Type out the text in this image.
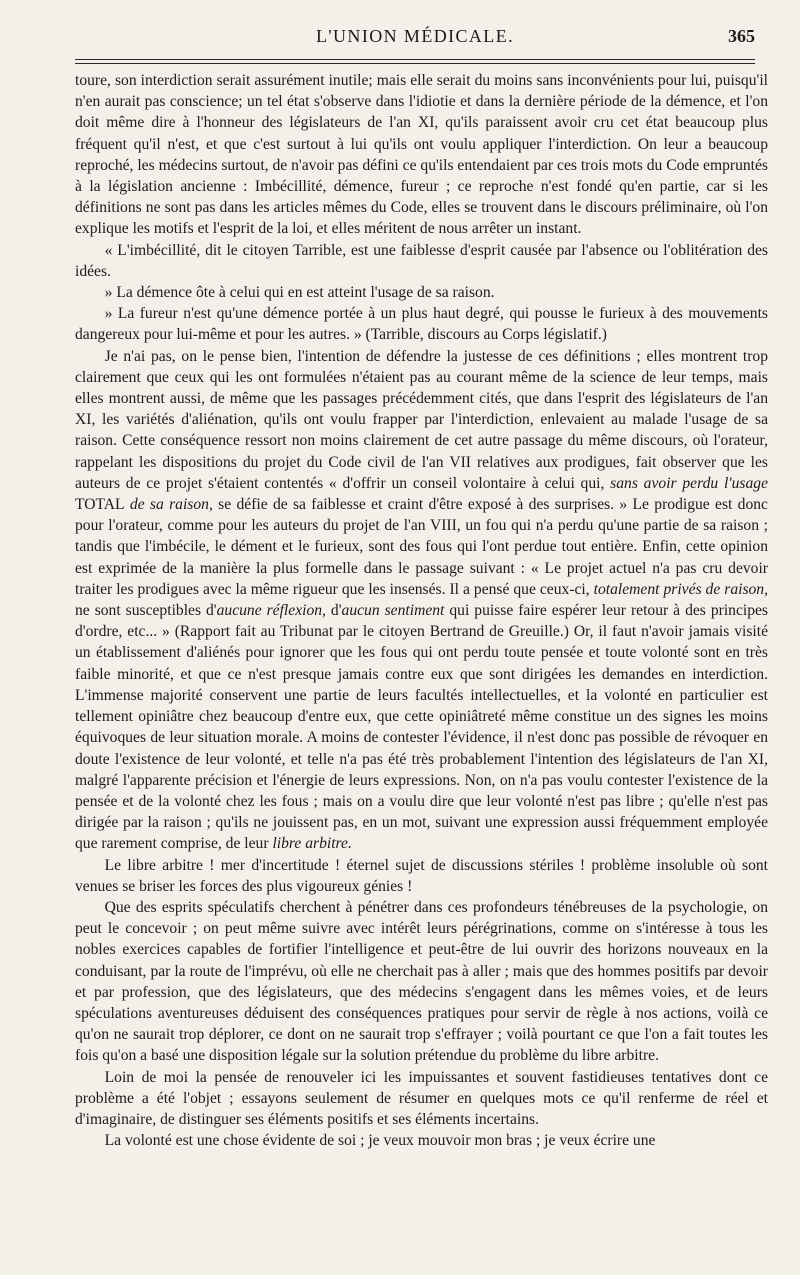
L'UNION MÉDICALE.	365

toure, son interdiction serait assurément inutile; mais elle serait du moins sans inconvénients pour lui, puisqu'il n'en aurait pas conscience; un tel état s'observe dans l'idiotie et dans la dernière période de la démence, et l'on doit même dire à l'honneur des législateurs de l'an XI, qu'ils paraissent avoir cru cet état beaucoup plus fréquent qu'il n'est, et que c'est surtout à lui qu'ils ont voulu appliquer l'interdiction. On leur a beaucoup reproché, les médecins surtout, de n'avoir pas défini ce qu'ils entendaient par ces trois mots du Code empruntés à la législation ancienne : Imbécillité, démence, fureur ; ce reproche n'est fondé qu'en partie, car si les définitions ne sont pas dans les articles mêmes du Code, elles se trouvent dans le discours préliminaire, où l'on explique les motifs et l'esprit de la loi, et elles méritent de nous arrêter un instant.

« L'imbécillité, dit le citoyen Tarrible, est une faiblesse d'esprit causée par l'absence ou l'oblitération des idées.

» La démence ôte à celui qui en est atteint l'usage de sa raison.

» La fureur n'est qu'une démence portée à un plus haut degré, qui pousse le furieux à des mouvements dangereux pour lui-même et pour les autres. » (Tarrible, discours au Corps législatif.)

Je n'ai pas, on le pense bien, l'intention de défendre la justesse de ces définitions ; elles montrent trop clairement que ceux qui les ont formulées n'étaient pas au courant même de la science de leur temps, mais elles montrent aussi, de même que les passages précédemment cités, que dans l'esprit des législateurs de l'an XI, les variétés d'aliénation, qu'ils ont voulu frapper par l'interdiction, enlevaient au malade l'usage de sa raison. Cette conséquence ressort non moins clairement de cet autre passage du même discours, où l'orateur, rappelant les dispositions du projet du Code civil de l'an VII relatives aux prodigues, fait observer que les auteurs de ce projet s'étaient contentés « d'offrir un conseil volontaire à celui qui, sans avoir perdu l'usage TOTAL de sa raison, se défie de sa faiblesse et craint d'être exposé à des surprises. » Le prodigue est donc pour l'orateur, comme pour les auteurs du projet de l'an VIII, un fou qui n'a perdu qu'une partie de sa raison ; tandis que l'imbécile, le dément et le furieux, sont des fous qui l'ont perdue tout entière. Enfin, cette opinion est exprimée de la manière la plus formelle dans le passage suivant : « Le projet actuel n'a pas cru devoir traiter les prodigues avec la même rigueur que les insensés. Il a pensé que ceux-ci, totalement privés de raison, ne sont susceptibles d'aucune réflexion, d'aucun sentiment qui puisse faire espérer leur retour à des principes d'ordre, etc... » (Rapport fait au Tribunat par le citoyen Bertrand de Greuille.) Or, il faut n'avoir jamais visité un établissement d'aliénés pour ignorer que les fous qui ont perdu toute pensée et toute volonté sont en très faible minorité, et que ce n'est presque jamais contre eux que sont dirigées les demandes en interdiction. L'immense majorité conservent une partie de leurs facultés intellectuelles, et la volonté en particulier est tellement opiniâtre chez beaucoup d'entre eux, que cette opiniâtreté même constitue un des signes les moins équivoques de leur situation morale. A moins de contester l'évidence, il n'est donc pas possible de révoquer en doute l'existence de leur volonté, et telle n'a pas été très probablement l'intention des législateurs de l'an XI, malgré l'apparente précision et l'énergie de leurs expressions. Non, on n'a pas voulu contester l'existence de la pensée et de la volonté chez les fous ; mais on a voulu dire que leur volonté n'est pas libre ; qu'elle n'est pas dirigée par la raison ; qu'ils ne jouissent pas, en un mot, suivant une expression aussi fréquemment employée que rarement comprise, de leur libre arbitre.

Le libre arbitre ! mer d'incertitude ! éternel sujet de discussions stériles ! problème insoluble où sont venues se briser les forces des plus vigoureux génies !

Que des esprits spéculatifs cherchent à pénétrer dans ces profondeurs ténébreuses de la psychologie, on peut le concevoir ; on peut même suivre avec intérêt leurs pérégrinations, comme on s'intéresse à tous les nobles exercices capables de fortifier l'intelligence et peut-être de lui ouvrir des horizons nouveaux en la conduisant, par la route de l'imprévu, où elle ne cherchait pas à aller ; mais que des hommes positifs par devoir et par profession, que des législateurs, que des médecins s'engagent dans les mêmes voies, et de leurs spéculations aventureuses déduisent des conséquences pratiques pour servir de règle à nos actions, voilà ce qu'on ne saurait trop déplorer, ce dont on ne saurait trop s'effrayer ; voilà pourtant ce que l'on a fait toutes les fois qu'on a basé une disposition légale sur la solution prétendue du problème du libre arbitre.

Loin de moi la pensée de renouveler ici les impuissantes et souvent fastidieuses tentatives dont ce problème a été l'objet ; essayons seulement de résumer en quelques mots ce qu'il renferme de réel et d'imaginaire, de distinguer ses éléments positifs et ses éléments incertains.

La volonté est une chose évidente de soi ; je veux mouvoir mon bras ; je veux écrire une
